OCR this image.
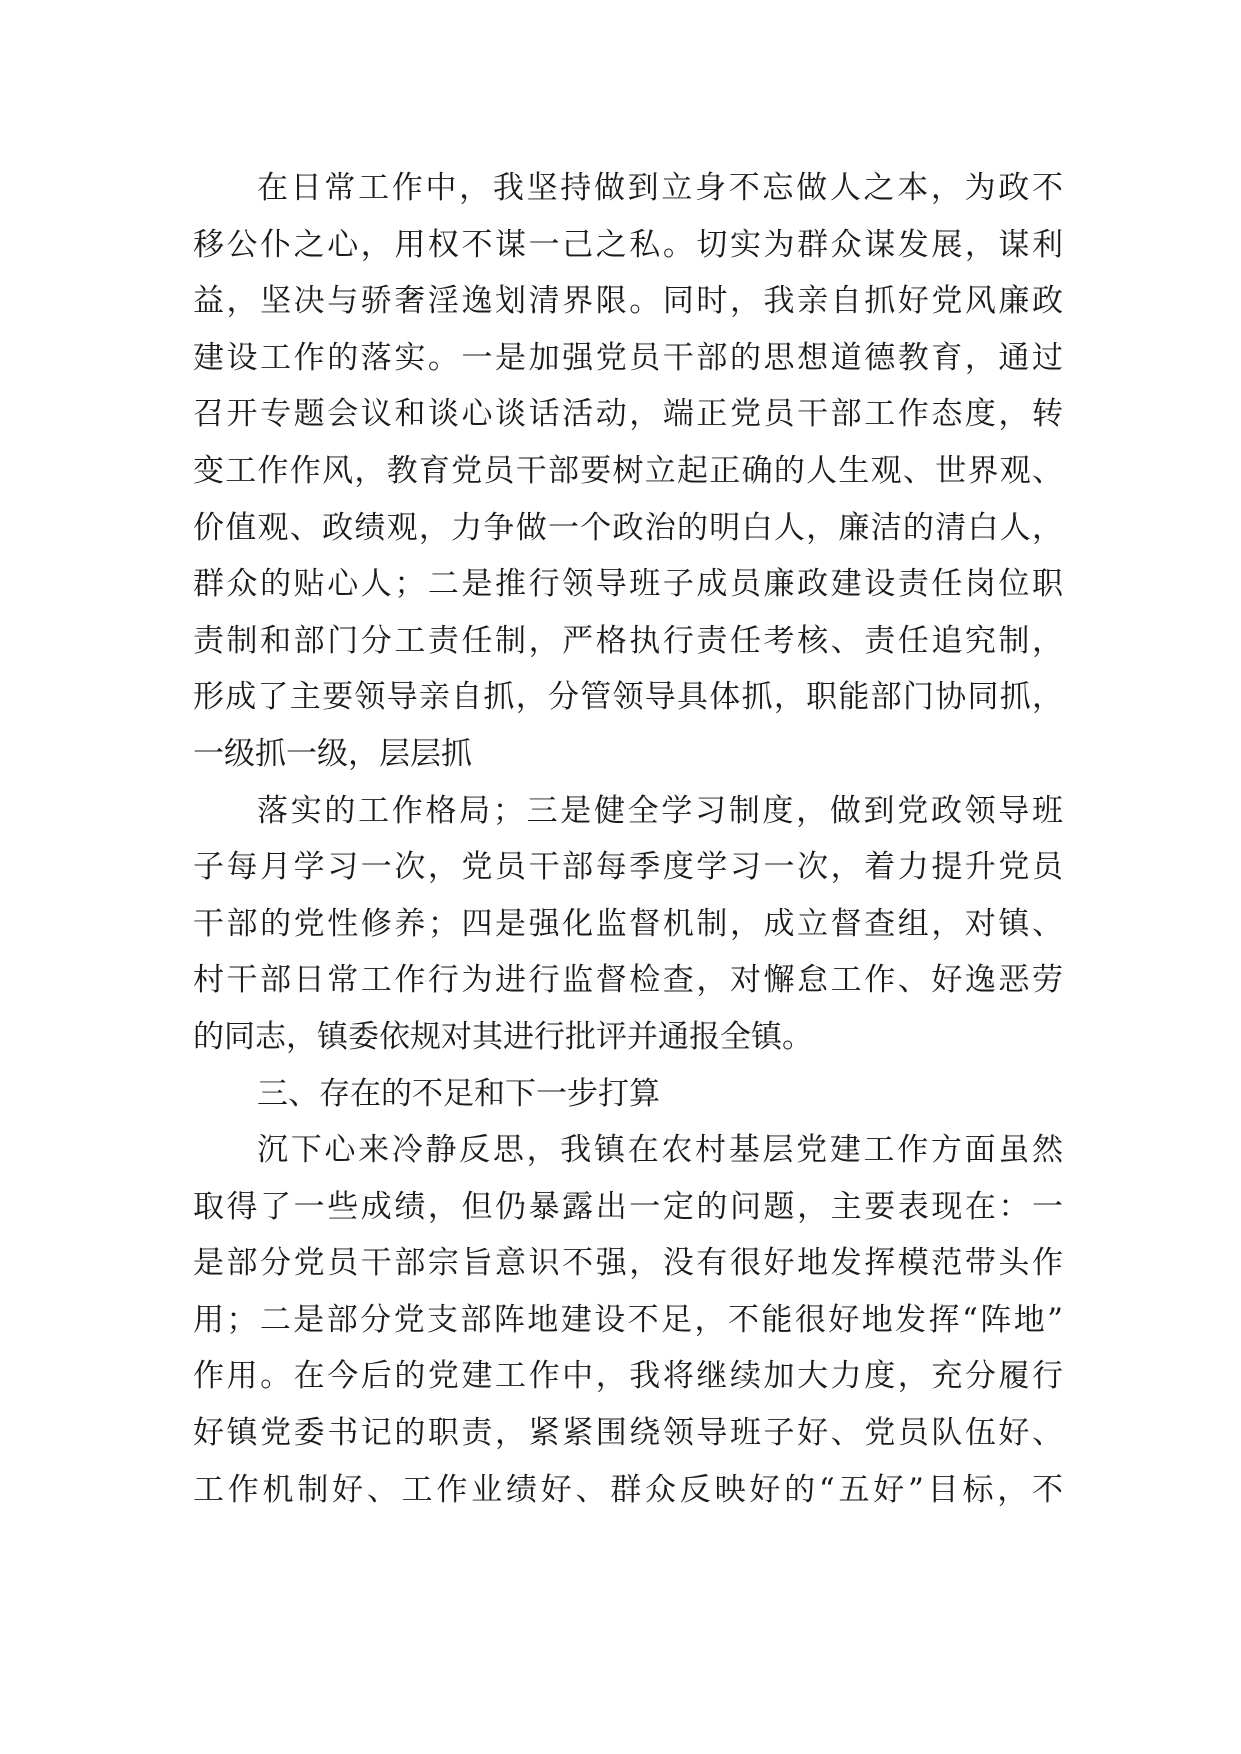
在日常工作中，我坚持做到立身不忘做人之本，为政不
移公仆之心，用权不谋一己之私。切实为群众谋发展，谋利
益，坚决与骄奢淫逸划清界限。同时，我亲自抓好党风廉政
建设工作的落实。一是加强党员干部的思想道德教育，通过
召开专题会议和谈心谈话活动，端正党员干部工作态度，转
变工作作风，教育党员干部要树立起正确的人生观、世界观、
价值观、政绩观，力争做一个政治的明白人，廉洁的清白人，
群众的贴心人；二是推行领导班子成员廉政建设责任岗位职
责制和部门分工责任制，严格执行责任考核、责任追究制，
形成了主要领导亲自抓，分管领导具体抓，职能部门协同抓，
一级抓一级，层层抓
落实的工作格局；三是健全学习制度，做到党政领导班
子每月学习一次，党员干部每季度学习一次，着力提升党员
干部的党性修养；四是强化监督机制，成立督查组，对镇、
村干部日常工作行为进行监督检查，对懈怠工作、好逸恶劳
的同志，镇委依规对其进行批评并通报全镇。
三、存在的不足和下一步打算
沉下心来冷静反思，我镇在农村基层党建工作方面虽然
取得了一些成绩，但仍暴露出一定的问题，主要表现在：一
是部分党员干部宗旨意识不强，没有很好地发挥模范带头作
用；二是部分党支部阵地建设不足，不能很好地发挥“阵地”
作用。在今后的党建工作中，我将继续加大力度，充分履行
好镇党委书记的职责，紧紧围绕领导班子好、党员队伍好、
工作机制好、工作业绩好、群众反映好的“五好”目标，不
